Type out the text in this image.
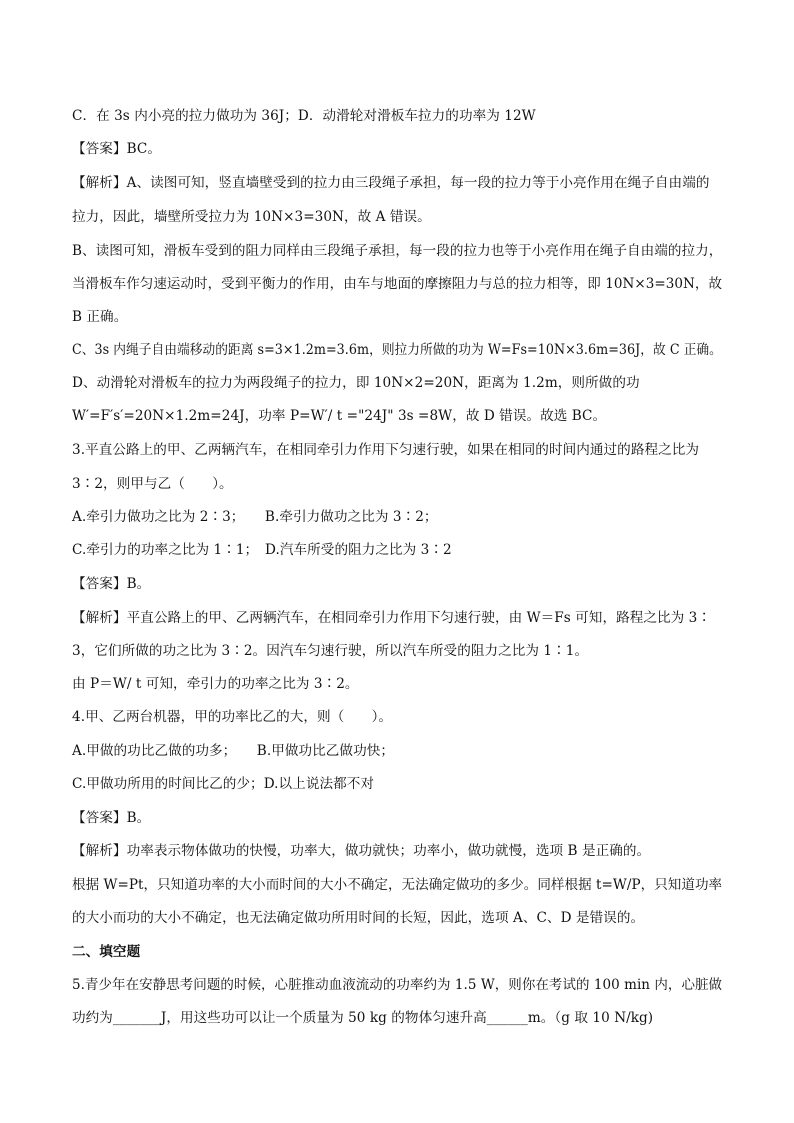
C．在 3s 内小亮的拉力做功为 36J；D．动滑轮对滑板车拉力的功率为 12W
【答案】BC。
【解析】A、读图可知，竖直墙壁受到的拉力由三段绳子承担，每一段的拉力等于小亮作用在绳子自由端的
拉力，因此，墙壁所受拉力为 10N×3=30N，故 A 错误。
B、读图可知，滑板车受到的阻力同样由三段绳子承担，每一段的拉力也等于小亮作用在绳子自由端的拉力，
当滑板车作匀速运动时，受到平衡力的作用，由车与地面的摩擦阻力与总的拉力相等，即 10N×3=30N，故
B 正确。
C、3s 内绳子自由端移动的距离 s=3×1.2m=3.6m，则拉力所做的功为 W=Fs=10N×3.6m=36J，故 C 正确。
D、动滑轮对滑板车的拉力为两段绳子的拉力，即 10N×2=20N，距离为 1.2m，则所做的功
W′=F′s′=20N×1.2m=24J，功率 P=W′/ t ="24J" 3s =8W，故 D 错误。故选 BC。
3.平直公路上的甲、乙两辆汽车，在相同牵引力作用下匀速行驶，如果在相同的时间内通过的路程之比为
3∶2，则甲与乙（　　）。
A.牵引力做功之比为 2∶3；　　B.牵引力做功之比为 3∶2；
C.牵引力的功率之比为 1∶1；　D.汽车所受的阻力之比为 3∶2
【答案】B。
【解析】平直公路上的甲、乙两辆汽车，在相同牵引力作用下匀速行驶，由 W＝Fs 可知，路程之比为 3∶
3，它们所做的功之比为 3∶2。因汽车匀速行驶，所以汽车所受的阻力之比为 1∶1。
由 P＝W/ t 可知，牵引力的功率之比为 3∶2。
4.甲、乙两台机器，甲的功率比乙的大，则（　　）。
A.甲做的功比乙做的功多；　　B.甲做功比乙做功快；
C.甲做功所用的时间比乙的少；D.以上说法都不对
【答案】B。
【解析】功率表示物体做功的快慢，功率大，做功就快；功率小，做功就慢，选项 B 是正确的。
根据 W=Pt，只知道功率的大小而时间的大小不确定，无法确定做功的多少。同样根据 t=W/P，只知道功率
的大小而功的大小不确定，也无法确定做功所用时间的长短，因此，选项 A、C、D 是错误的。
二、填空题
5.青少年在安静思考问题的时候，心脏推动血液流动的功率约为 1.5 W，则你在考试的 100 min 内，心脏做
功约为_______J，用这些功可以让一个质量为 50 kg 的物体匀速升高______m。（g 取 10 N/kg)
